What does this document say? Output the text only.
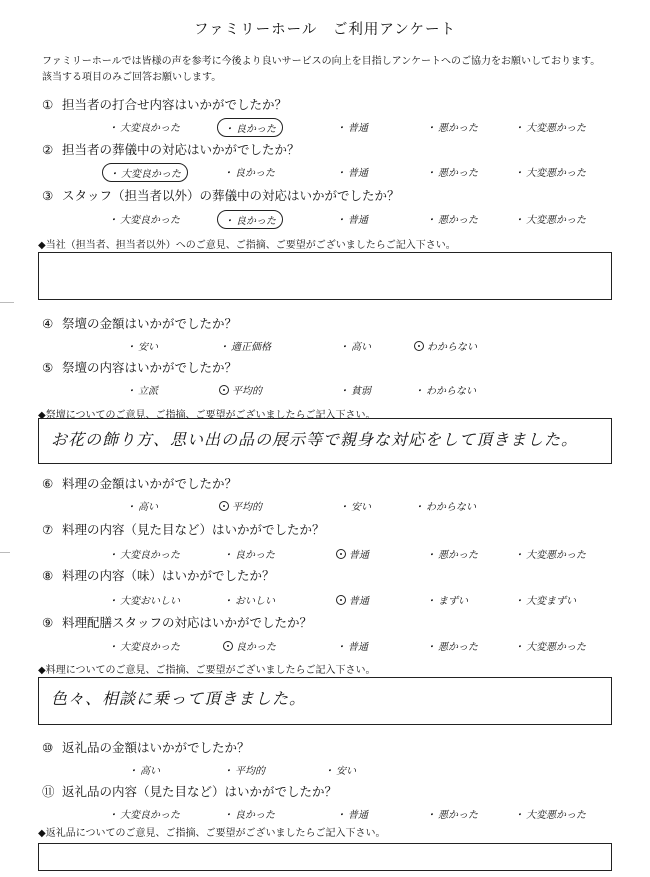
ファミリーホール　ご利用アンケート
ファミリーホールでは皆様の声を参考に今後より良いサービスの向上を目指しアンケートへのご協力をお願いしております。
該当する項目のみご回答お願いします。
① 担当者の打合せ内容はいかがでしたか？
・ 大変良かった	・ 良かった	・ 普通	・ 悪かった	・ 大変悪かった
② 担当者の葬儀中の対応はいかがでしたか？
・ 大変良かった	・ 良かった	・ 普通	・ 悪かった	・ 大変悪かった
③ スタッフ（担当者以外）の葬儀中の対応はいかがでしたか？
・ 大変良かった	・ 良かった	・ 普通	・ 悪かった	・ 大変悪かった
④ 祭壇の金額はいかがでしたか？
・ 安い	・ 適正価格	・ 高い	わからない
⑤ 祭壇の内容はいかがでしたか？
・ 立派	平均的	・ 貧弱	・ わからない
⑥ 料理の金額はいかがでしたか？
・ 高い	平均的	・ 安い	・ わからない
⑦ 料理の内容（見た目など）はいかがでしたか？
・ 大変良かった	・ 良かった	普通	・ 悪かった	・ 大変悪かった
⑧ 料理の内容（味）はいかがでしたか？
・ 大変おいしい	・ おいしい	普通	・ まずい	・ 大変まずい
⑨ 料理配膳スタッフの対応はいかがでしたか？
・ 大変良かった	良かった	・ 普通	・ 悪かった	・ 大変悪かった
⑩ 返礼品の金額はいかがでしたか？
・ 高い	・ 平均的	・ 安い
⑪ 返礼品の内容（見た目など）はいかがでしたか？
・ 大変良かった	・ 良かった	・ 普通	・ 悪かった	・ 大変悪かった
◆当社（担当者、担当者以外）へのご意見、ご指摘、ご要望がございましたらご記入下さい。
◆祭壇についてのご意見、ご指摘、ご要望がございましたらご記入下さい。
お花の飾り方、思い出の品の展示等で親身な対応をして頂きました。
◆料理についてのご意見、ご指摘、ご要望がございましたらご記入下さい。
色々、相談に乗って頂きました。
◆返礼品についてのご意見、ご指摘、ご要望がございましたらご記入下さい。
